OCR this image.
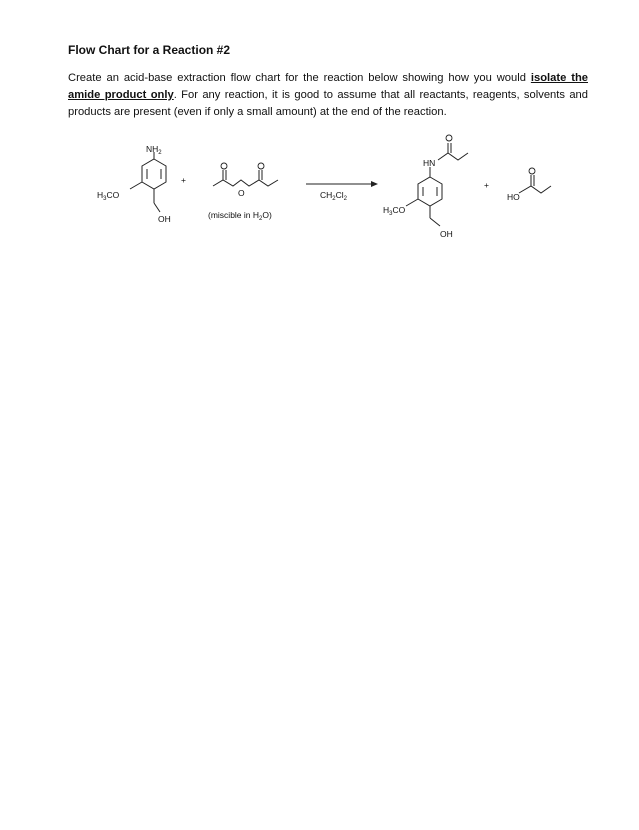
Flow Chart for a Reaction #2
Create an acid-base extraction flow chart for the reaction below showing how you would isolate the amide product only. For any reaction, it is good to assume that all reactants, reagents, solvents and products are present (even if only a small amount) at the end of the reaction.
$NH_2$
$H_3CO$
OH
+
O
(miscible in $H_2O$)
$CH_2Cl_2$
HN
$H_3CO$
OH
+
HO
